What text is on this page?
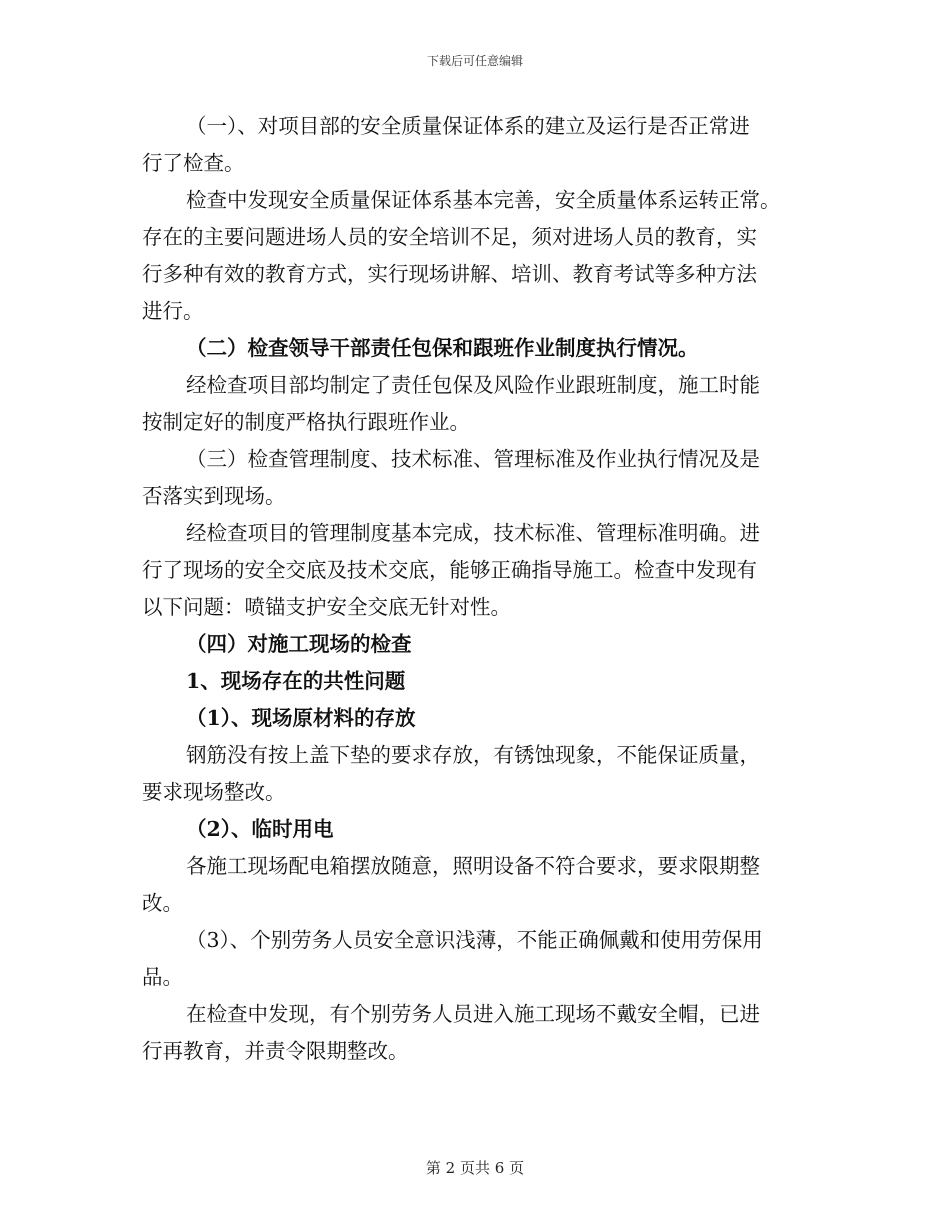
下载后可任意编辑

（一）、对项目部的安全质量保证体系的建立及运行是否正常进

行了检查。

检查中发现安全质量保证体系基本完善，安全质量体系运转正常。

存在的主要问题进场人员的安全培训不足，须对进场人员的教育，实

行多种有效的教育方式，实行现场讲解、培训、教育考试等多种方法

进行。

（二）检查领导干部责任包保和跟班作业制度执行情况。

经检查项目部均制定了责任包保及风险作业跟班制度，施工时能

按制定好的制度严格执行跟班作业。

（三）检查管理制度、技术标准、管理标准及作业执行情况及是

否落实到现场。

经检查项目的管理制度基本完成，技术标准、管理标准明确。进

行了现场的安全交底及技术交底，能够正确指导施工。检查中发现有

以下问题：喷锚支护安全交底无针对性。

（四）对施工现场的检查

1、现场存在的共性问题

（1）、现场原材料的存放

钢筋没有按上盖下垫的要求存放，有锈蚀现象，不能保证质量，

要求现场整改。

（2）、临时用电

各施工现场配电箱摆放随意，照明设备不符合要求，要求限期整

改。

（3）、个别劳务人员安全意识浅薄，不能正确佩戴和使用劳保用

品。

在检查中发现，有个别劳务人员进入施工现场不戴安全帽，已进

行再教育，并责令限期整改。

第 2 页共 6 页
